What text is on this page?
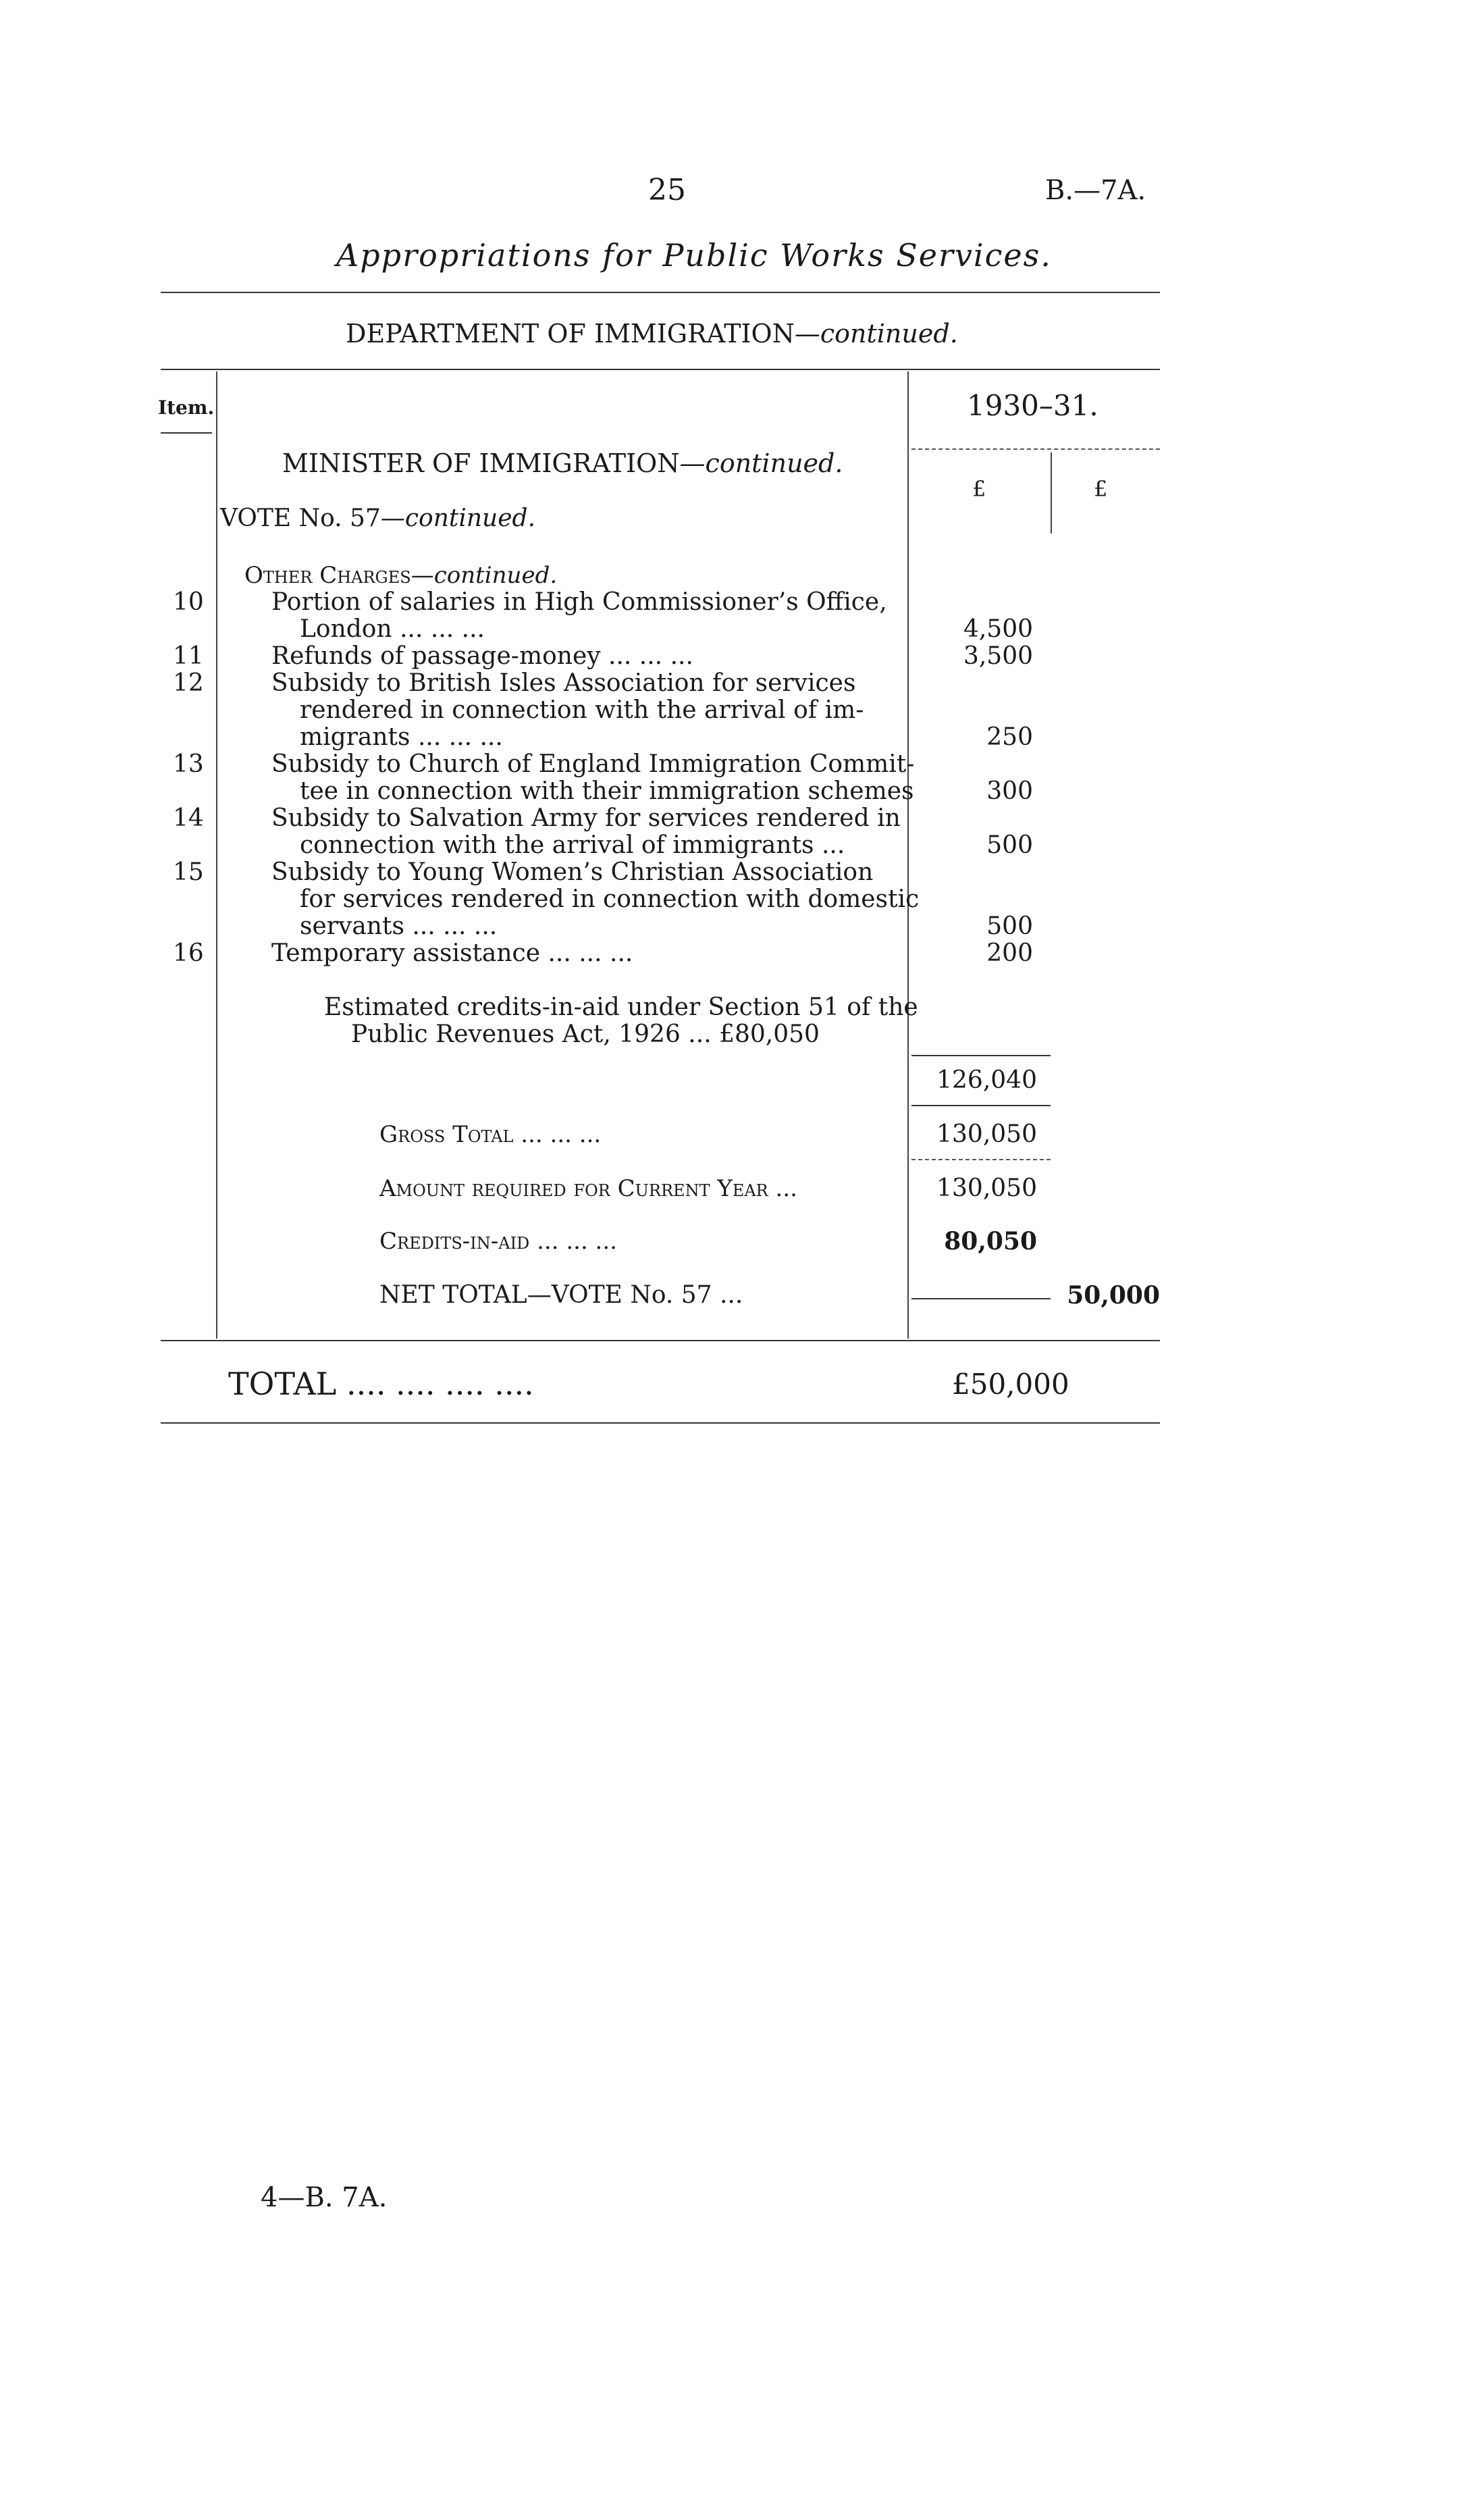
25	B.—7A.
Appropriations for Public Works Services.
DEPARTMENT OF IMMIGRATION—continued.
Item.	1930–31.
£	£
MINISTER OF IMMIGRATION—continued.
VOTE No. 57—continued.
Other Charges—continued.
10	Portion of salaries in High Commissioner’s Office,
London ... ... ...	4,500
11	Refunds of passage-money ... ... ...	3,500
12	Subsidy to British Isles Association for services
rendered in connection with the arrival of im-
migrants ... ... ...	250
13	Subsidy to Church of England Immigration Commit-
tee in connection with their immigration schemes	300
14	Subsidy to Salvation Army for services rendered in
connection with the arrival of immigrants ...	500
15	Subsidy to Young Women’s Christian Association
for services rendered in connection with domestic
servants ... ... ...	500
16	Temporary assistance ... ... ...	200
Estimated credits-in-aid under Section 51 of the
Public Revenues Act, 1926 ... £80,050
126,040
Gross Total ... ... ...	130,050
Amount required for Current Year ...	130,050
Credits-in-aid ... ... ...	80,050
NET TOTAL—VOTE No. 57 ...	50,000
TOTAL .... .... .... ....	£50,000
4—B. 7A.
